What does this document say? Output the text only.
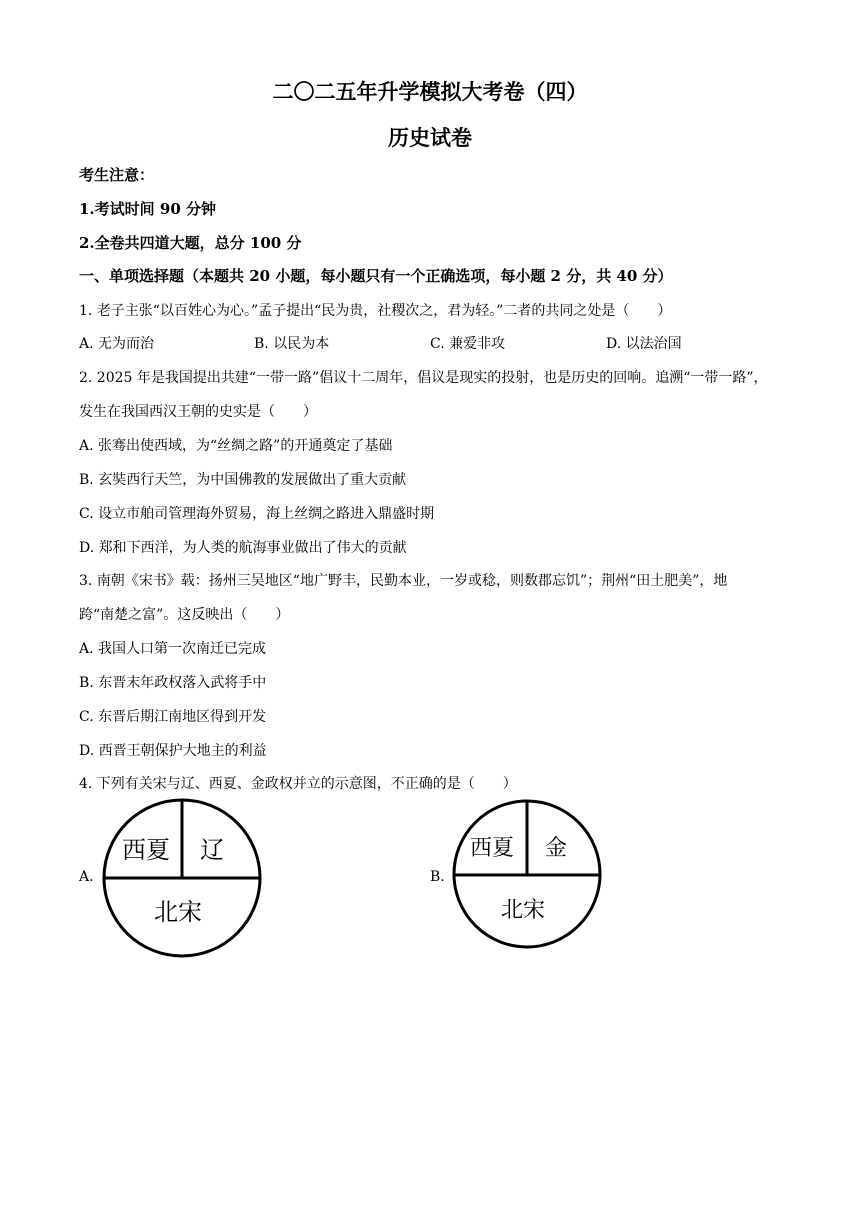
二〇二五年升学模拟大考卷（四）
历史试卷
考生注意：
1.考试时间 90 分钟
2.全卷共四道大题，总分 100 分
一、单项选择题（本题共 20 小题，每小题只有一个正确选项，每小题 2 分，共 40 分）
1. 老子主张“以百姓心为心。”孟子提出“民为贵，社稷次之，君为轻。”二者的共同之处是（　　）
A. 无为而治	B. 以民为本	C. 兼爱非攻	D. 以法治国
2. 2025 年是我国提出共建“一带一路”倡议十二周年，倡议是现实的投射，也是历史的回响。追溯“一带一路”，
发生在我国西汉王朝的史实是（　　）
A. 张骞出使西域，为“丝绸之路”的开通奠定了基础
B. 玄奘西行天竺，为中国佛教的发展做出了重大贡献
C. 设立市舶司管理海外贸易，海上丝绸之路进入鼎盛时期
D. 郑和下西洋，为人类的航海事业做出了伟大的贡献
3. 南朝《宋书》载：扬州三吴地区“地广野丰，民勤本业，一岁或稔，则数郡忘饥”；荆州“田土肥美”，地
跨“南楚之富”。这反映出（　　）
A. 我国人口第一次南迁已完成
B. 东晋末年政权落入武将手中
C. 东晋后期江南地区得到开发
D. 西晋王朝保护大地主的利益
4. 下列有关宋与辽、西夏、金政权并立的示意图，不正确的是（　　）
A.
西夏 辽
北宋
B.
西夏 金
北宋
